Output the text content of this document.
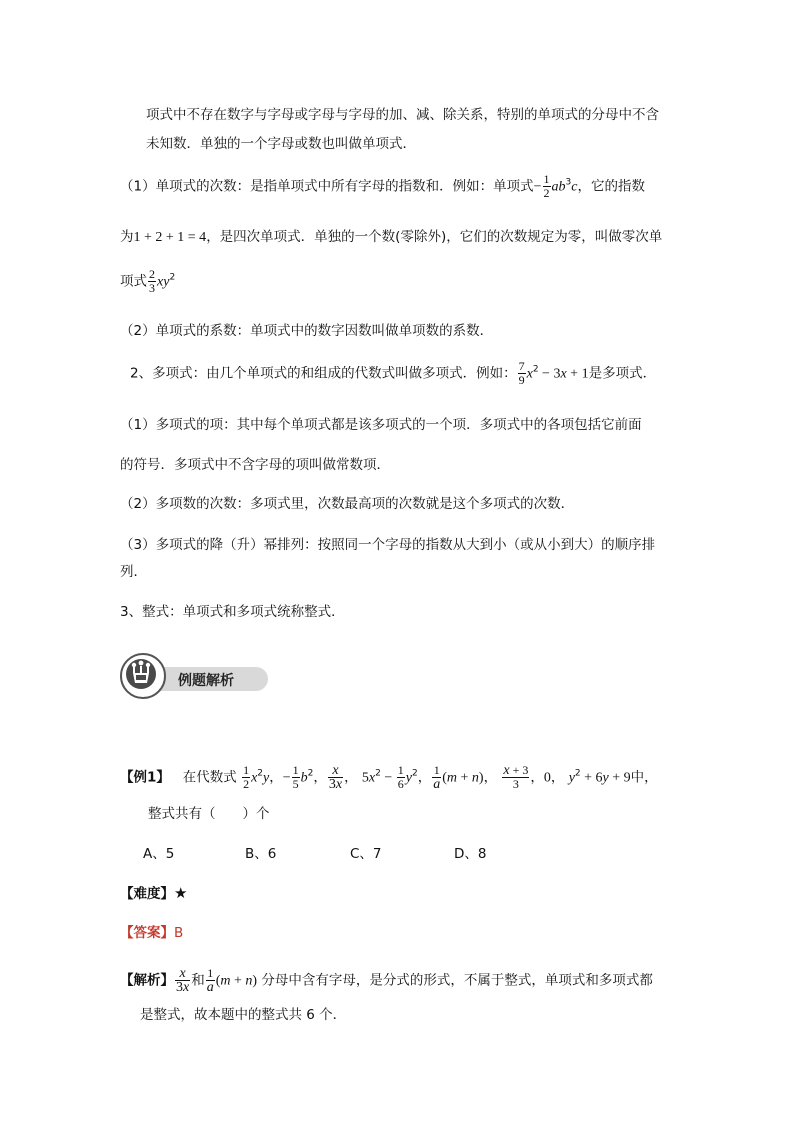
项式中不存在数字与字母或字母与字母的加、减、除关系，特别的单项式的分母中不含
未知数．单独的一个字母或数也叫做单项式．
（1）单项式的次数：是指单项式中所有字母的指数和．例如：单项式− $\frac{1}{2} ab^3c$，它的指数
为1 + 2 + 1 = 4，是四次单项式．单独的一个数(零除外)，它们的次数规定为零，叫做零次单
项式 $\frac{2}{3} xy^2$
（2）单项式的系数：单项式中的数字因数叫做单项数的系数．
2、多项式：由几个单项式的和组成的代数式叫做多项式．例如： $\frac{7}{9} x^2 - 3x + 1$是多项式．
（1）多项式的项：其中每个单项式都是该多项式的一个项．多项式中的各项包括它前面
的符号．多项式中不含字母的项叫做常数项．
（2）多项数的次数：多项式里，次数最高项的次数就是这个多项式的次数．
（3）多项式的降（升）幂排列：按照同一个字母的指数从大到小（或从小到大）的顺序排
列．
3、整式：单项式和多项式统称整式．
例题解析
【例1】 在代数式 $\frac{1}{2} x^2y$，− $\frac{1}{5} b^2$， $\frac{x}{3x}$ ， $5x^2 - \frac{1}{6} y^2$， $\frac{1}{a} (m + n)$， $\frac{x + 3}{3}$ ，0， $y^2 + 6y + 9$中，
整式共有（　　）个
A、5	B、6	C、7	D、8
【难度】★
【答案】B
【解析】 $\frac{x}{3x}$ 和 $\frac{1}{a} (m + n)$ 分母中含有字母，是分式的形式，不属于整式，单项式和多项式都
是整式，故本题中的整式共 6 个．
